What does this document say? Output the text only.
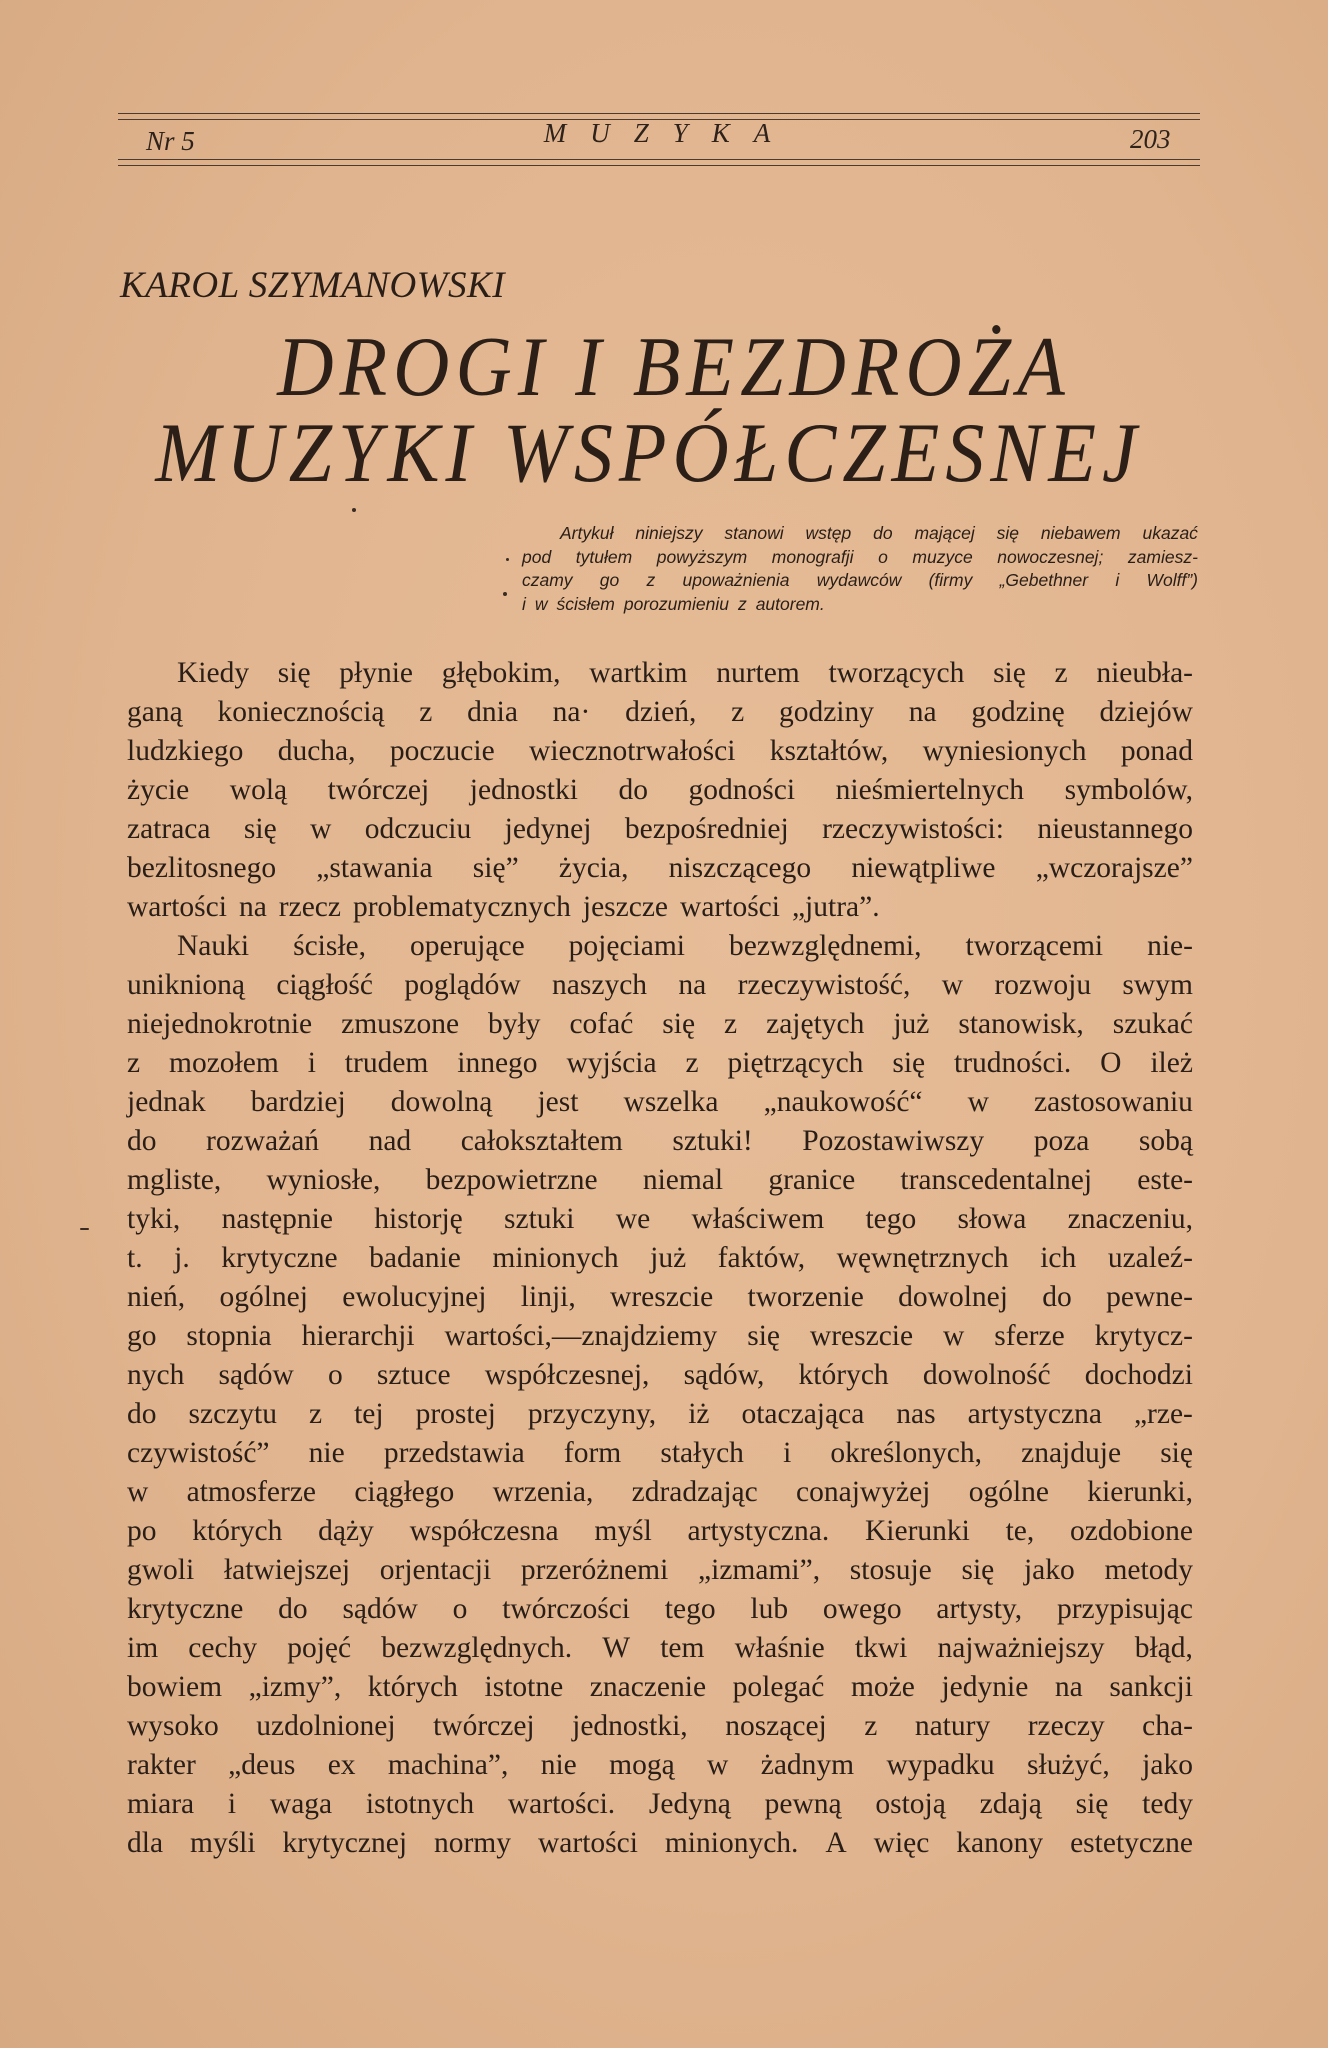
Nr 5	MUZYKA	203
KAROL SZYMANOWSKI
DROGI I BEZDROŻA
MUZYKI WSPÓŁCZESNEJ
Artykuł niniejszy stanowi wstęp do mającej się niebawem ukazać
pod tytułem powyższym monografji o muzyce nowoczesnej; zamiesz-
czamy go z upoważnienia wydawców (firmy „Gebethner i Wolff”)
i w ścisłem porozumieniu z autorem.
Kiedy się płynie głębokim, wartkim nurtem tworzących się z nieubła-
ganą koniecznością z dnia na· dzień, z godziny na godzinę dziejów
ludzkiego ducha, poczucie wiecznotrwałości kształtów, wyniesionych ponad
życie wolą twórczej jednostki do godności nieśmiertelnych symbolów,
zatraca się w odczuciu jedynej bezpośredniej rzeczywistości: nieustannego
bezlitosnego „stawania się” życia, niszczącego niewątpliwe „wczorajsze”
wartości na rzecz problematycznych jeszcze wartości „jutra”.
Nauki ścisłe, operujące pojęciami bezwzględnemi, tworzącemi nie-
uniknioną ciągłość poglądów naszych na rzeczywistość, w rozwoju swym
niejednokrotnie zmuszone były cofać się z zajętych już stanowisk, szukać
z mozołem i trudem innego wyjścia z piętrzących się trudności. O ileż
jednak bardziej dowolną jest wszelka „naukowość“ w zastosowaniu
do rozważań nad całokształtem sztuki! Pozostawiwszy poza sobą
mgliste, wyniosłe, bezpowietrzne niemal granice transcedentalnej este-
tyki, następnie historję sztuki we właściwem tego słowa znaczeniu,
t. j. krytyczne badanie minionych już faktów, węwnętrznych ich uzaleź-
nień, ogólnej ewolucyjnej linji, wreszcie tworzenie dowolnej do pewne-
go stopnia hierarchji wartości,—znajdziemy się wreszcie w sferze krytycz-
nych sądów o sztuce współczesnej, sądów, których dowolność dochodzi
do szczytu z tej prostej przyczyny, iż otaczająca nas artystyczna „rze-
czywistość” nie przedstawia form stałych i określonych, znajduje się
w atmosferze ciągłego wrzenia, zdradzając conajwyżej ogólne kierunki,
po których dąży współczesna myśl artystyczna. Kierunki te, ozdobione
gwoli łatwiejszej orjentacji przeróżnemi „izmami”, stosuje się jako metody
krytyczne do sądów o twórczości tego lub owego artysty, przypisując
im cechy pojęć bezwzględnych. W tem właśnie tkwi najważniejszy błąd,
bowiem „izmy”, których istotne znaczenie polegać może jedynie na sankcji
wysoko uzdolnionej twórczej jednostki, noszącej z natury rzeczy cha-
rakter „deus ex machina”, nie mogą w żadnym wypadku służyć, jako
miara i waga istotnych wartości. Jedyną pewną ostoją zdają się tedy
dla myśli krytycznej normy wartości minionych. A więc kanony estetyczne
